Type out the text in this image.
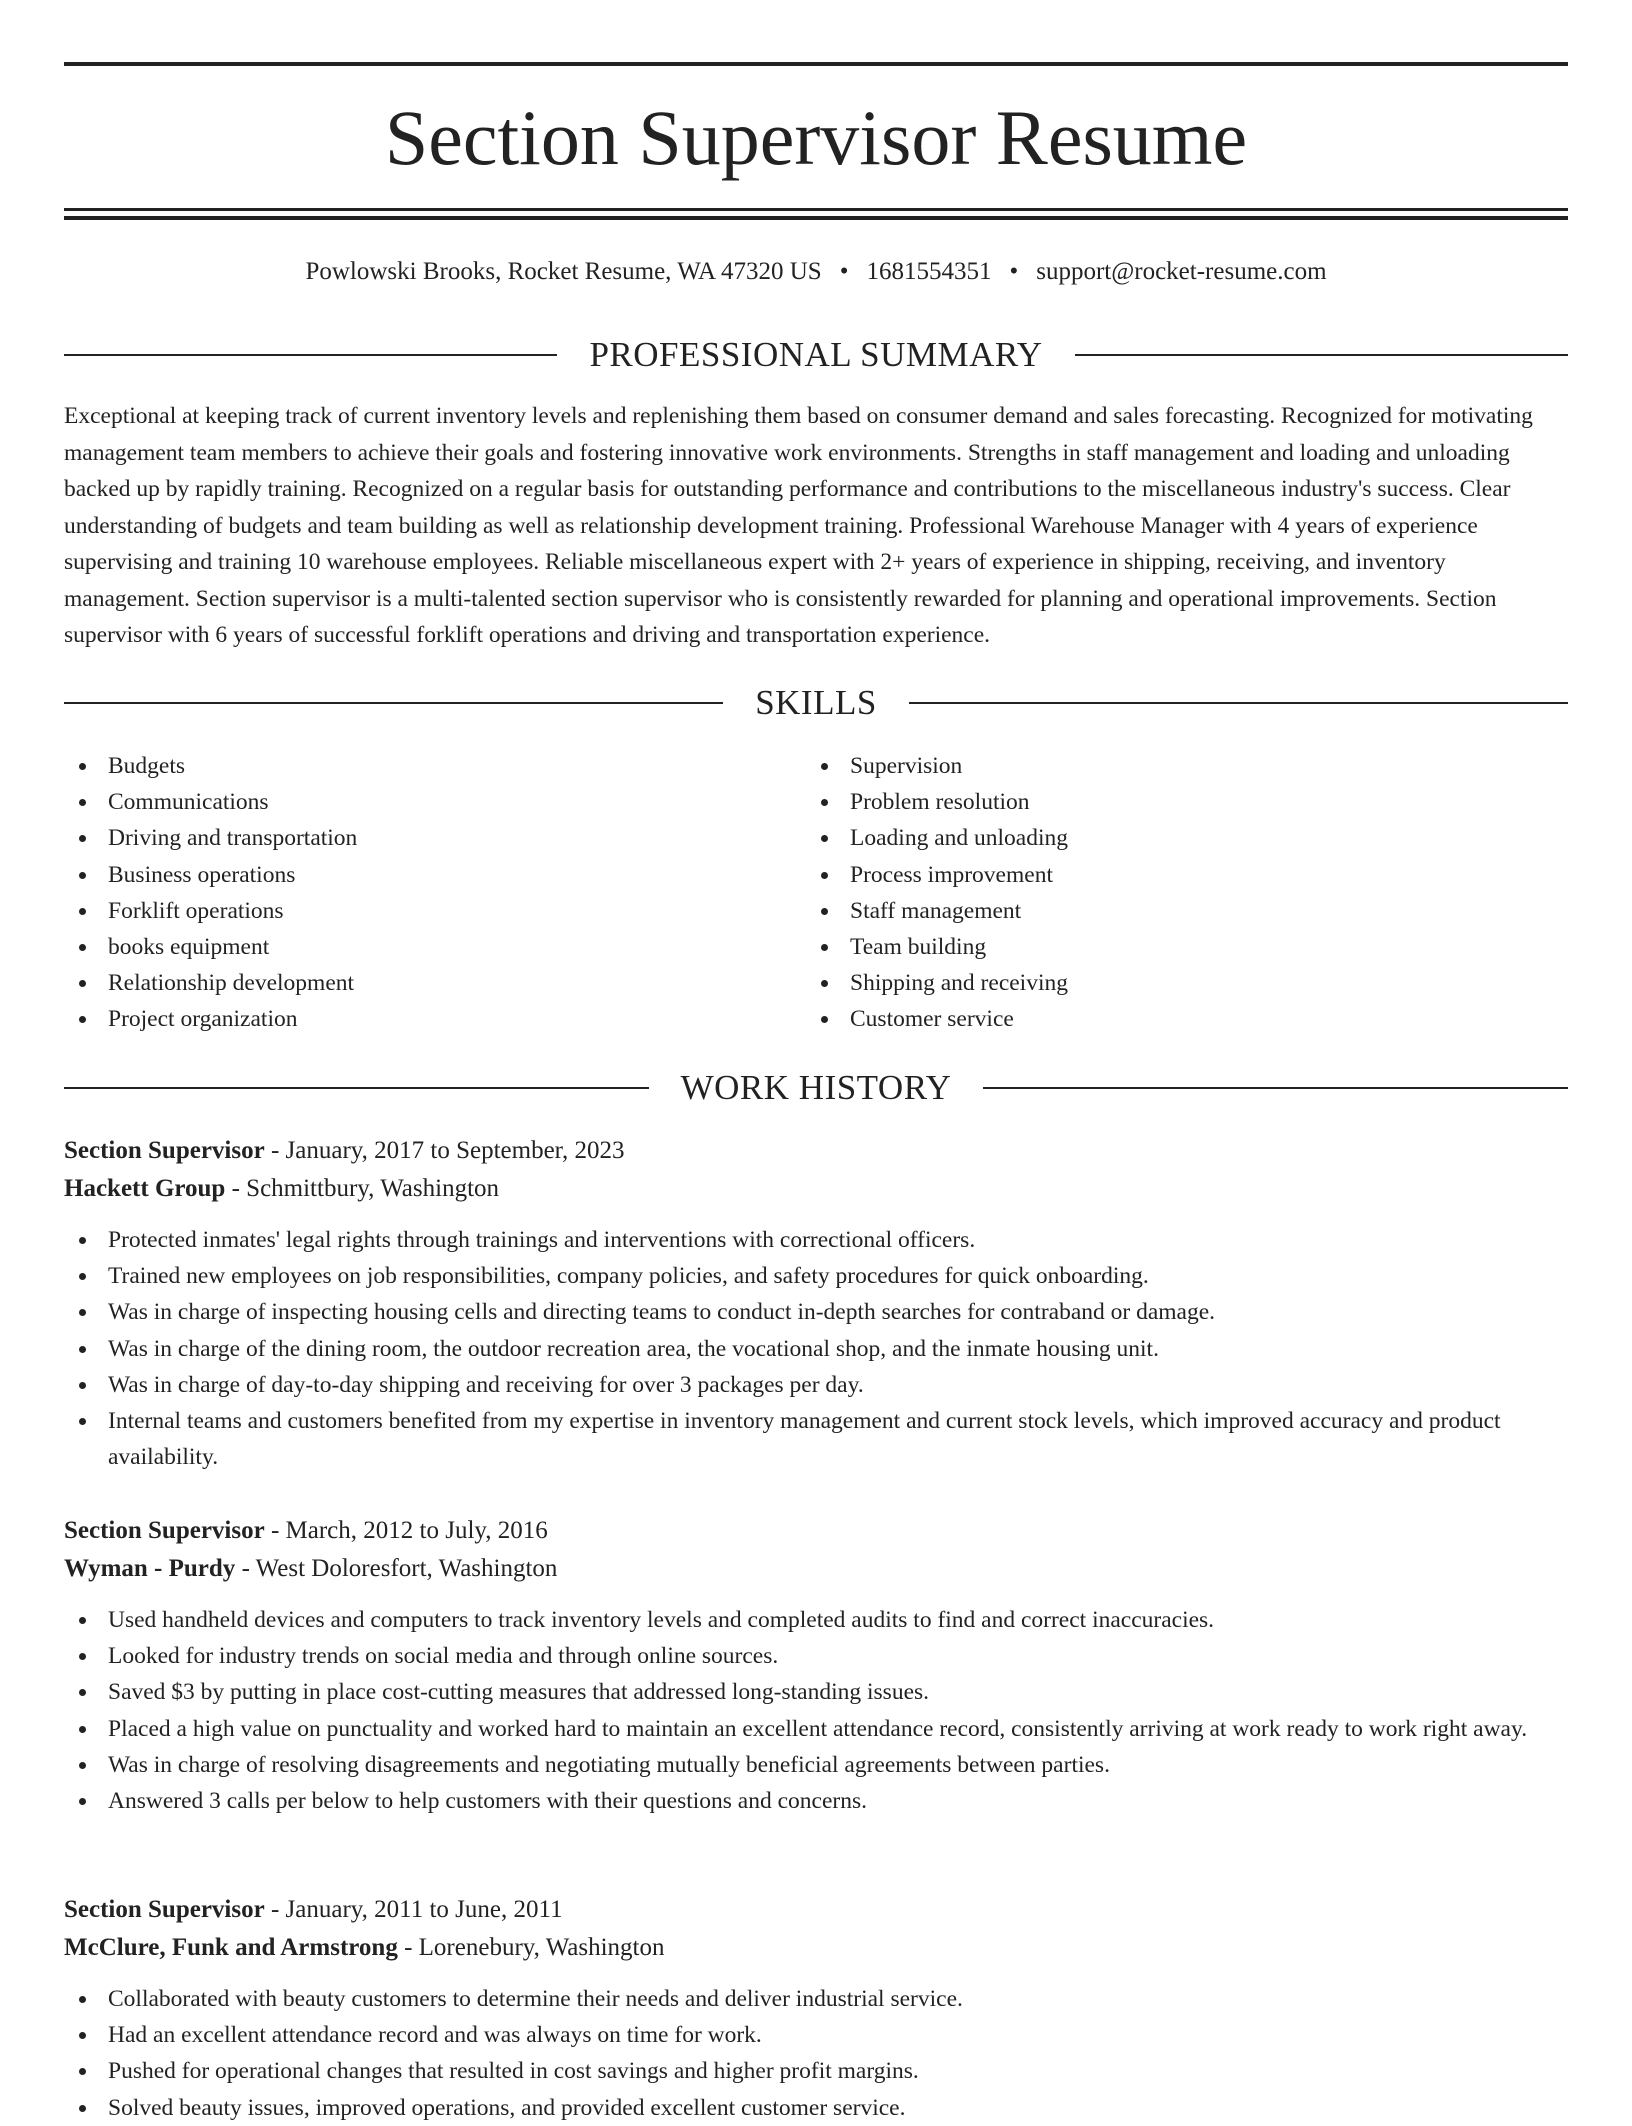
Section Supervisor Resume
Powlowski Brooks, Rocket Resume, WA 47320 US • 1681554351 • support@rocket-resume.com
PROFESSIONAL SUMMARY

Exceptional at keeping track of current inventory levels and replenishing them based on consumer demand and sales forecasting. Recognized for motivating management team members to achieve their goals and fostering innovative work environments. Strengths in staff management and loading and unloading backed up by rapidly training. Recognized on a regular basis for outstanding performance and contributions to the miscellaneous industry's success. Clear understanding of budgets and team building as well as relationship development training. Professional Warehouse Manager with 4 years of experience supervising and training 10 warehouse employees. Reliable miscellaneous expert with 2+ years of experience in shipping, receiving, and inventory management. Section supervisor is a multi-talented section supervisor who is consistently rewarded for planning and operational improvements. Section supervisor with 6 years of successful forklift operations and driving and transportation experience.

SKILLS
Budgets
Communications
Driving and transportation
Business operations
Forklift operations
books equipment
Relationship development
Project organization
Supervision
Problem resolution
Loading and unloading
Process improvement
Staff management
Team building
Shipping and receiving
Customer service
WORK HISTORY
Section Supervisor - January, 2017 to September, 2023
Hackett Group - Schmittbury, Washington
Protected inmates' legal rights through trainings and interventions with correctional officers.
Trained new employees on job responsibilities, company policies, and safety procedures for quick onboarding.
Was in charge of inspecting housing cells and directing teams to conduct in-depth searches for contraband or damage.
Was in charge of the dining room, the outdoor recreation area, the vocational shop, and the inmate housing unit.
Was in charge of day-to-day shipping and receiving for over 3 packages per day.
Internal teams and customers benefited from my expertise in inventory management and current stock levels, which improved accuracy and product availability.
Section Supervisor - March, 2012 to July, 2016
Wyman - Purdy - West Doloresfort, Washington
Used handheld devices and computers to track inventory levels and completed audits to find and correct inaccuracies.
Looked for industry trends on social media and through online sources.
Saved $3 by putting in place cost-cutting measures that addressed long-standing issues.
Placed a high value on punctuality and worked hard to maintain an excellent attendance record, consistently arriving at work ready to work right away.
Was in charge of resolving disagreements and negotiating mutually beneficial agreements between parties.
Answered 3 calls per below to help customers with their questions and concerns.
Section Supervisor - January, 2011 to June, 2011
McClure, Funk and Armstrong - Lorenebury, Washington
Collaborated with beauty customers to determine their needs and deliver industrial service.
Had an excellent attendance record and was always on time for work.
Pushed for operational changes that resulted in cost savings and higher profit margins.
Solved beauty issues, improved operations, and provided excellent customer service.
